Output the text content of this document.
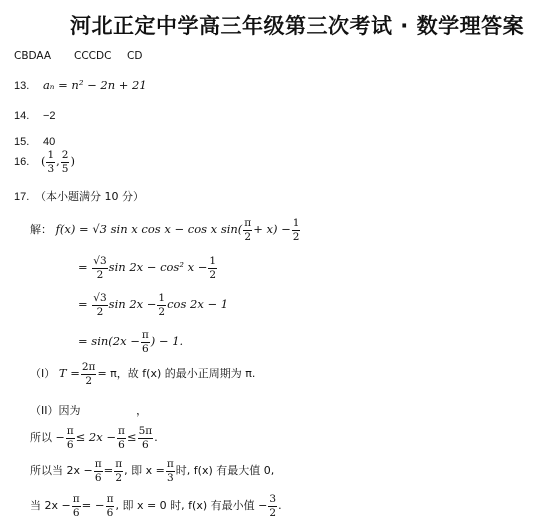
河北正定中学高三年级第三次考试 · 数学理答案
CBDAA CCCDC CD
13. aₙ = n² − 2n + 21
14. −2
15. 40
16. ( $\frac{1}{3}$ , $\frac{2}{5}$ )
17. （本小题满分 10 分）
解： f(x) = √3 sin x cos x − cos x $\sin( \frac{\pi}{2} + x) - \frac{1}{2}$
= $\frac{√3}{2}$ sin 2x − cos² $x - \frac{1}{2}$
= $\frac{√3}{2}$ $\sin 2x - \frac{1}{2}$ cos 2x − 1
= $\sin(2x - \frac{\pi}{6}$ ) − 1.
（I） $T = \frac{2\pi}{2} = \pi$，故 f(x) 的最小正周期为 π.
（II）因为	，
所以 − $\frac{\pi}{6} \le 2x - \frac{\pi}{6} \le \frac{5\pi}{6}$ .
所以当 $2x - \frac{\pi}{6} = \frac{\pi}{2}$ , 即 $x = \frac{\pi}{3}$ 时, f(x) 有最大值 0,
当 $2x - \frac{\pi}{6}$ = − $\frac{\pi}{6}$ , 即 x = 0 时, f(x) 有最小值 − $\frac{3}{2}$ .
